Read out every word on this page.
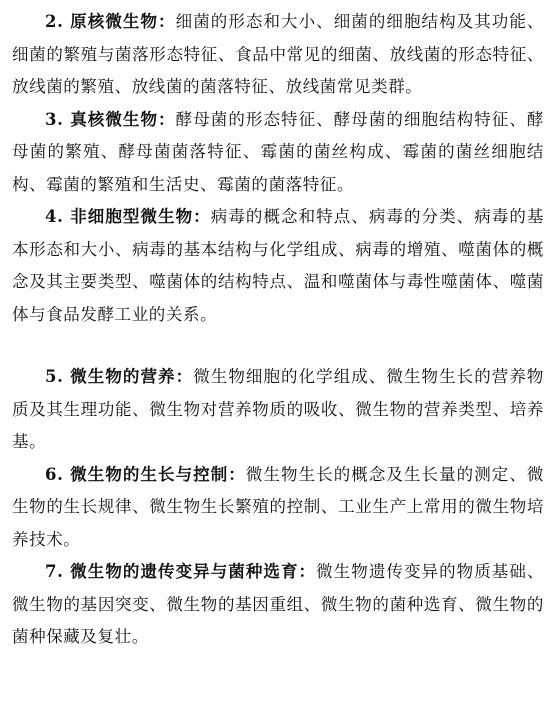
2. 原核微生物：细菌的形态和大小、细菌的细胞结构及其功能、细菌的繁殖与菌落形态特征、食品中常见的细菌、放线菌的形态特征、放线菌的繁殖、放线菌的菌落特征、放线菌常见类群。

3. 真核微生物：酵母菌的形态特征、酵母菌的细胞结构特征、酵母菌的繁殖、酵母菌菌落特征、霉菌的菌丝构成、霉菌的菌丝细胞结构、霉菌的繁殖和生活史、霉菌的菌落特征。

4. 非细胞型微生物：病毒的概念和特点、病毒的分类、病毒的基本形态和大小、病毒的基本结构与化学组成、病毒的增殖、噬菌体的概念及其主要类型、噬菌体的结构特点、温和噬菌体与毒性噬菌体、噬菌体与食品发酵工业的关系。

5. 微生物的营养：微生物细胞的化学组成、微生物生长的营养物质及其生理功能、微生物对营养物质的吸收、微生物的营养类型、培养基。

6. 微生物的生长与控制：微生物生长的概念及生长量的测定、微生物的生长规律、微生物生长繁殖的控制、工业生产上常用的微生物培养技术。

7. 微生物的遗传变异与菌种选育：微生物遗传变异的物质基础、微生物的基因突变、微生物的基因重组、微生物的菌种选育、微生物的菌种保藏及复壮。
